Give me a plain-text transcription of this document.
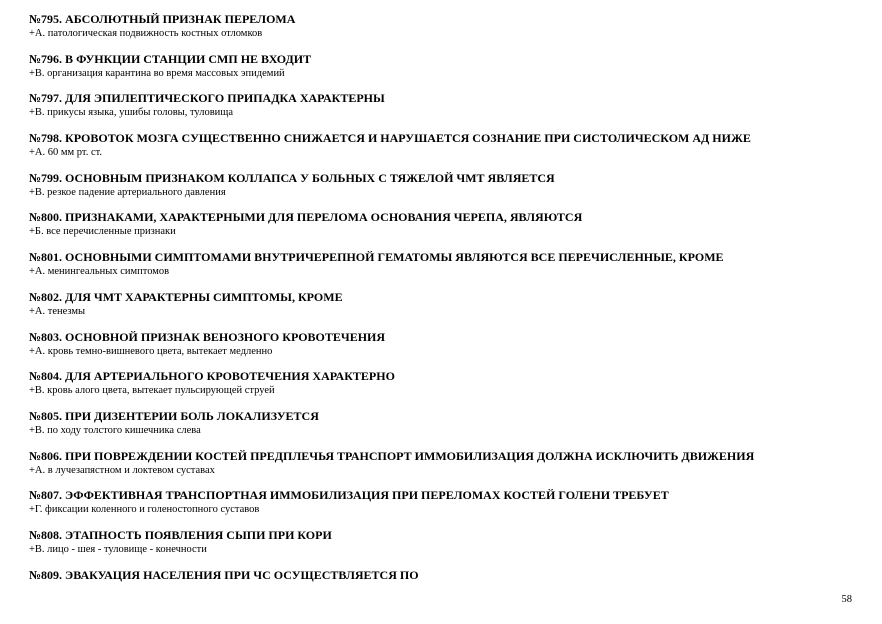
№795. АБСОЛЮТНЫЙ ПРИЗНАК ПЕРЕЛОМА
+А. патологическая подвижность костных отломков
№796. В ФУНКЦИИ СТАНЦИИ СМП НЕ ВХОДИТ
+В. организация карантина во время массовых эпидемий
№797. ДЛЯ ЭПИЛЕПТИЧЕСКОГО ПРИПАДКА ХАРАКТЕРНЫ
+В. прикусы языка, ушибы головы, туловища
№798. КРОВОТОК МОЗГА СУЩЕСТВЕННО СНИЖАЕТСЯ И НАРУШАЕТСЯ СОЗНАНИЕ ПРИ СИСТОЛИЧЕСКОМ АД НИЖЕ
+А. 60 мм рт. ст.
№799. ОСНОВНЫМ ПРИЗНАКОМ КОЛЛАПСА У БОЛЬНЫХ С ТЯЖЕЛОЙ ЧМТ ЯВЛЯЕТСЯ
+В. резкое падение артериального давления
№800. ПРИЗНАКАМИ, ХАРАКТЕРНЫМИ ДЛЯ ПЕРЕЛОМА ОСНОВАНИЯ ЧЕРЕПА, ЯВЛЯЮТСЯ
+Б. все перечисленные признаки
№801. ОСНОВНЫМИ СИМПТОМАМИ ВНУТРИЧЕРЕПНОЙ ГЕМАТОМЫ ЯВЛЯЮТСЯ ВСЕ ПЕРЕЧИСЛЕННЫЕ, КРОМЕ
+А. менингеальных симптомов
№802. ДЛЯ ЧМТ ХАРАКТЕРНЫ СИМПТОМЫ, КРОМЕ
+А. тенезмы
№803. ОСНОВНОЙ ПРИЗНАК ВЕНОЗНОГО КРОВОТЕЧЕНИЯ
+А. кровь темно-вишневого цвета, вытекает медленно
№804. ДЛЯ АРТЕРИАЛЬНОГО КРОВОТЕЧЕНИЯ ХАРАКТЕРНО
+В. кровь алого цвета, вытекает пульсирующей струей
№805. ПРИ ДИЗЕНТЕРИИ БОЛЬ ЛОКАЛИЗУЕТСЯ
+В. по ходу толстого кишечника слева
№806. ПРИ ПОВРЕЖДЕНИИ КОСТЕЙ ПРЕДПЛЕЧЬЯ ТРАНСПОРТ ИММОБИЛИЗАЦИЯ ДОЛЖНА ИСКЛЮЧИТЬ ДВИЖЕНИЯ
+А. в лучезапястном и локтевом суставах
№807. ЭФФЕКТИВНАЯ ТРАНСПОРТНАЯ ИММОБИЛИЗАЦИЯ ПРИ ПЕРЕЛОМАХ КОСТЕЙ ГОЛЕНИ ТРЕБУЕТ
+Г. фиксации коленного и голеностопного суставов
№808. ЭТАПНОСТЬ ПОЯВЛЕНИЯ СЫПИ ПРИ КОРИ
+В. лицо - шея - туловище - конечности
№809. ЭВАКУАЦИЯ НАСЕЛЕНИЯ ПРИ ЧС ОСУЩЕСТВЛЯЕТСЯ ПО
58
